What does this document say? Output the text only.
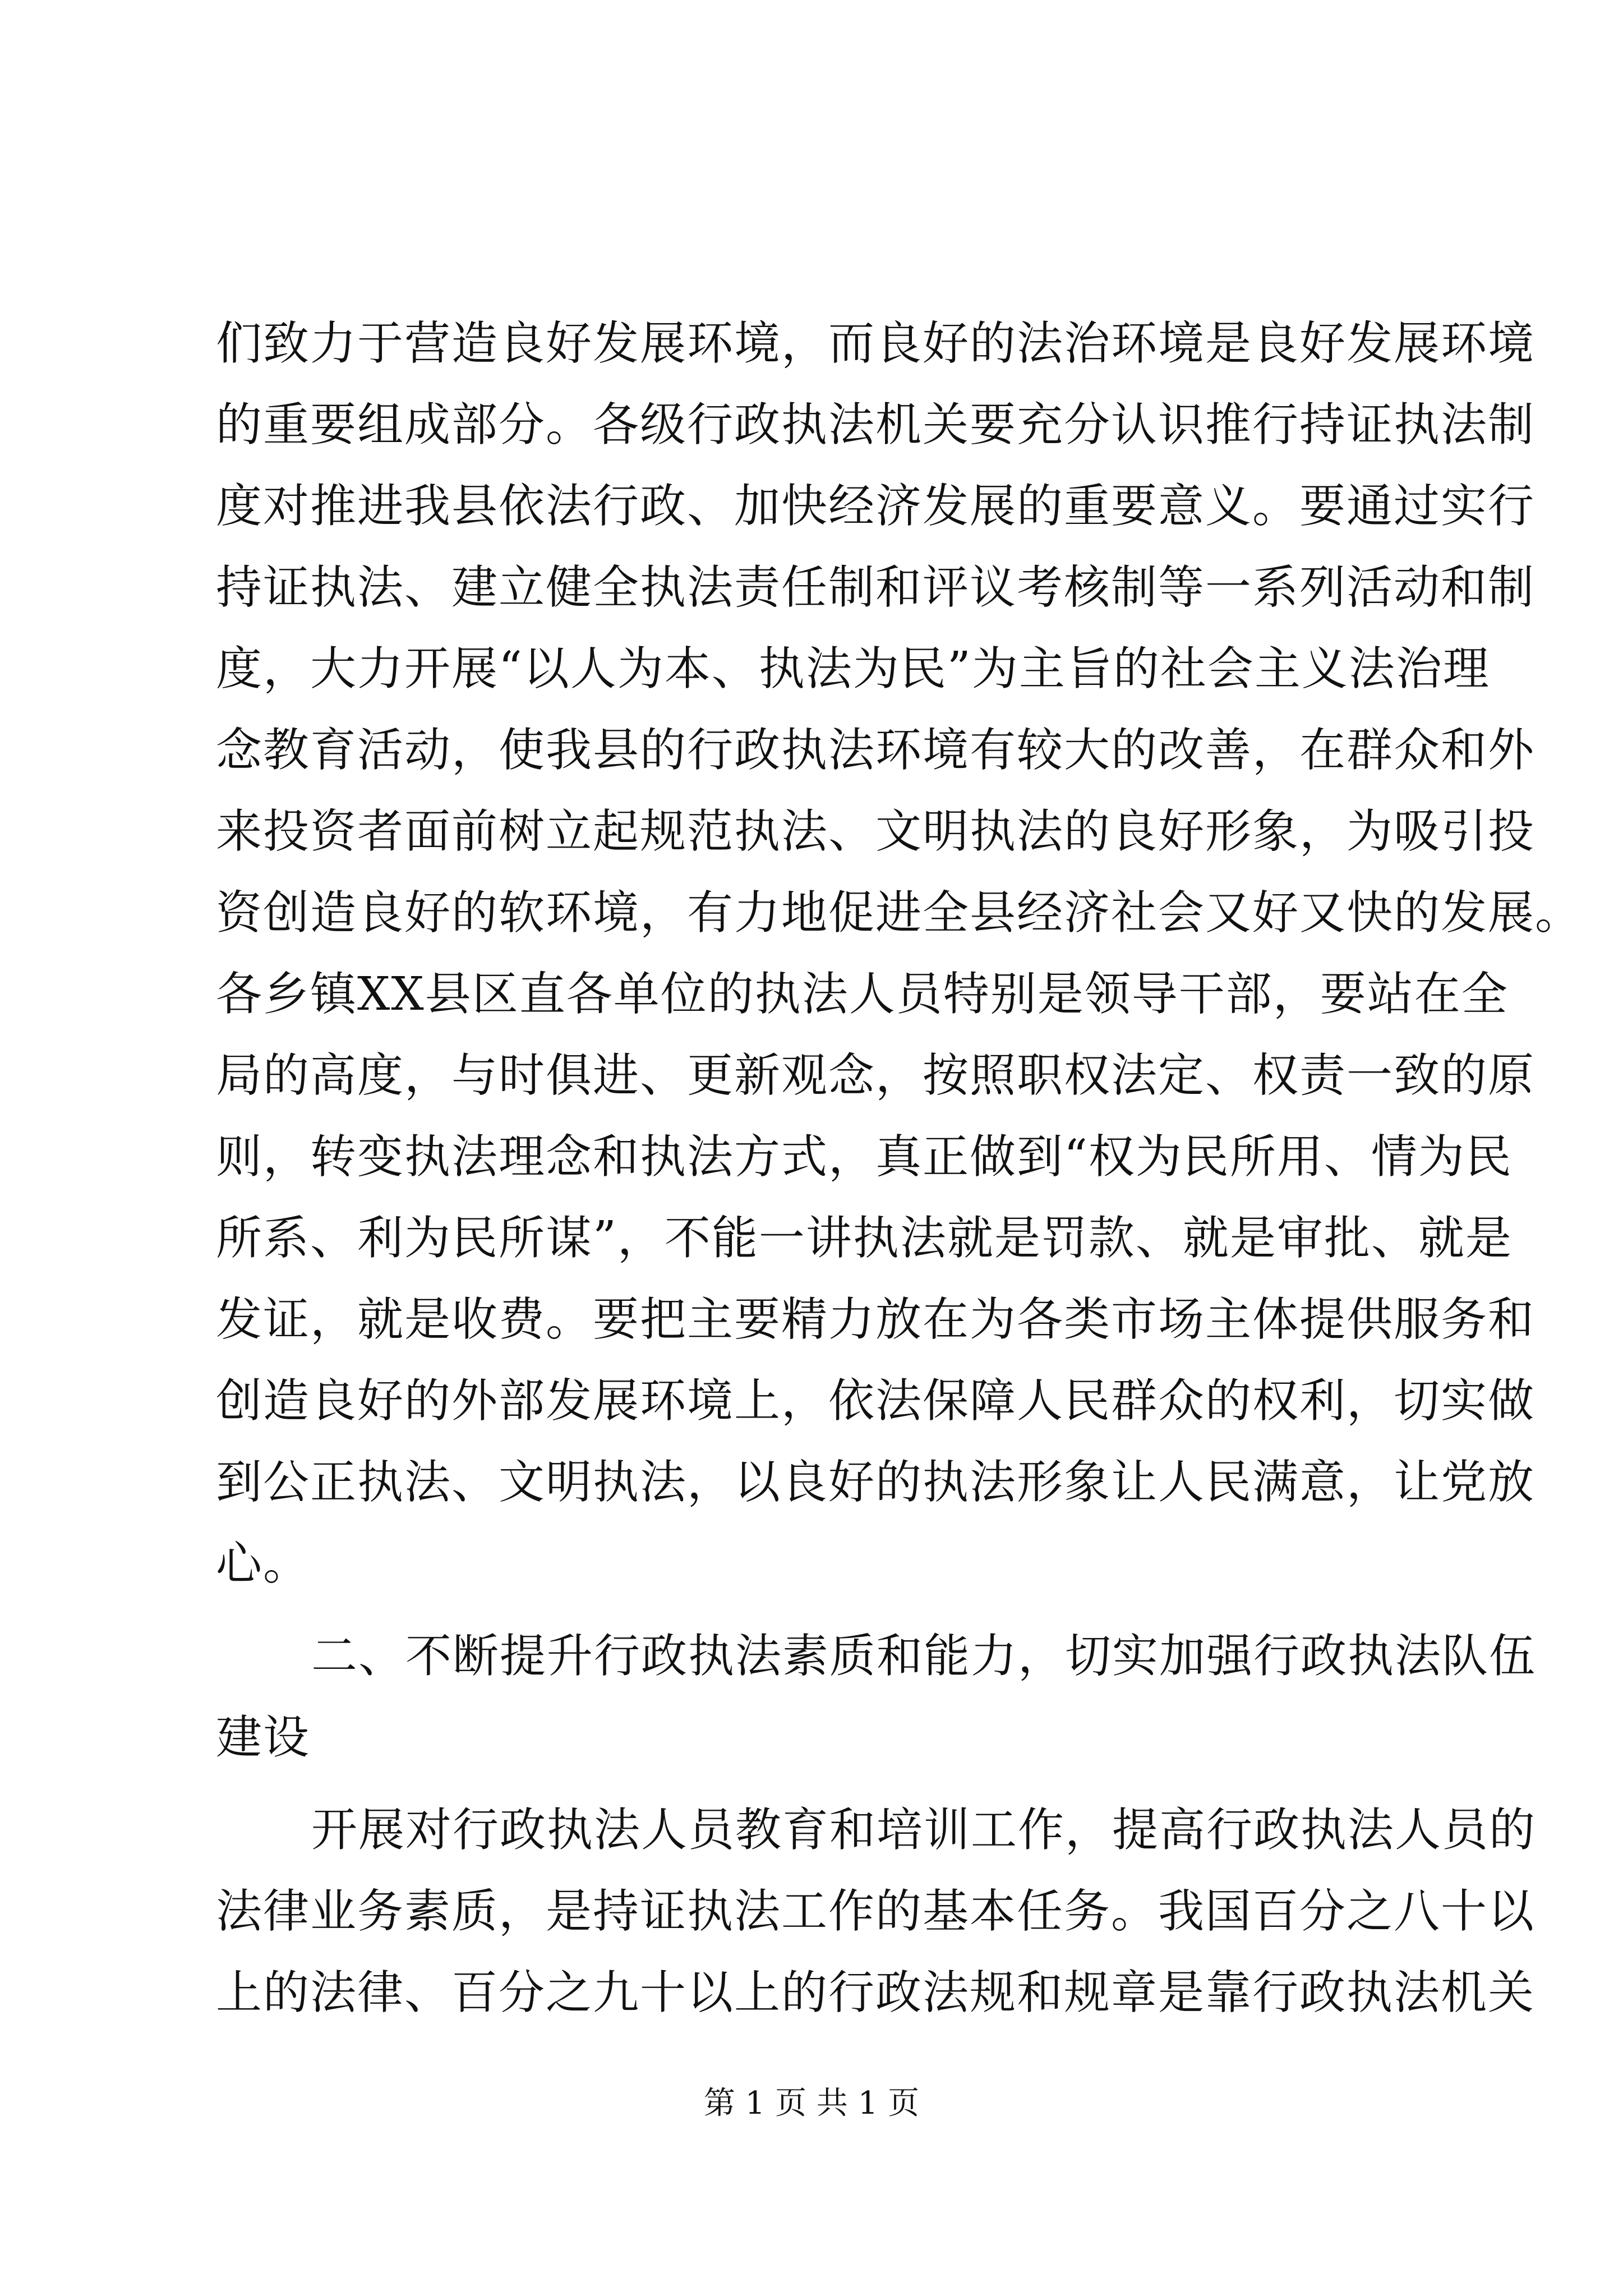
们致力于营造良好发展环境，而良好的法治环境是良好发展环境
的重要组成部分。各级行政执法机关要充分认识推行持证执法制
度对推进我县依法行政、加快经济发展的重要意义。要通过实行
持证执法、建立健全执法责任制和评议考核制等一系列活动和制
度，大力开展“以人为本、执法为民”为主旨的社会主义法治理
念教育活动，使我县的行政执法环境有较大的改善，在群众和外
来投资者面前树立起规范执法、文明执法的良好形象，为吸引投
资创造良好的软环境，有力地促进全县经济社会又好又快的发展。
各乡镇XX县区直各单位的执法人员特别是领导干部，要站在全
局的高度，与时俱进、更新观念，按照职权法定、权责一致的原
则，转变执法理念和执法方式，真正做到“权为民所用、情为民
所系、利为民所谋”，不能一讲执法就是罚款、就是审批、就是
发证，就是收费。要把主要精力放在为各类市场主体提供服务和
创造良好的外部发展环境上，依法保障人民群众的权利，切实做
到公正执法、文明执法，以良好的执法形象让人民满意，让党放
心。
二、不断提升行政执法素质和能力，切实加强行政执法队伍
建设
开展对行政执法人员教育和培训工作，提高行政执法人员的
法律业务素质，是持证执法工作的基本任务。我国百分之八十以
上的法律、百分之九十以上的行政法规和规章是靠行政执法机关
第 1 页 共 1 页
